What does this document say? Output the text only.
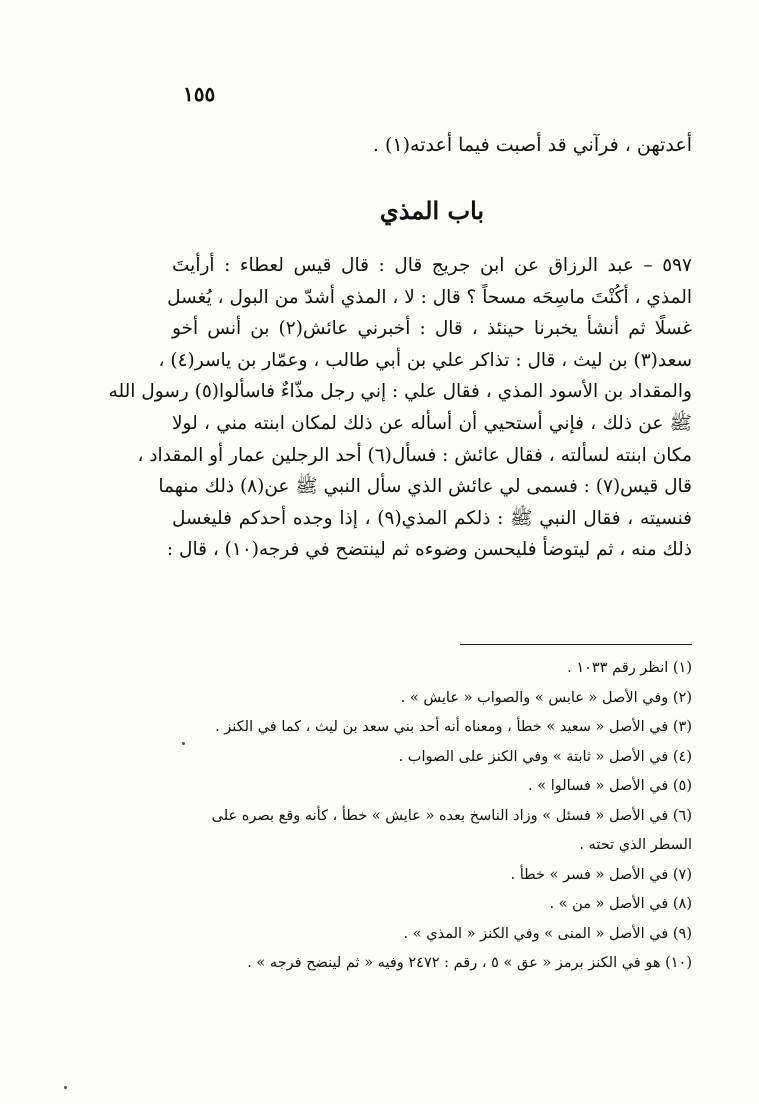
١٥٥
أعدتهن ، فرآني قد أصبت فيما أعدته(١) .
باب المذي
٥٩٧ – عبد الرزاق عن ابن جريج قال : قال قيس لعطاء : أرأيتَ
المذي ، أكُنْتَ ماسِحَه مسحاً ؟ قال : لا ، المذي أشدّ من البول ، يُغسل
غسلًا ثم أنشأ يخبرنا حينئذ ، قال : أخبرني عائش(٢) بن أنس أخو
سعد(٣) بن ليث ، قال : تذاكر علي بن أبي طالب ، وعمّار بن ياسر(٤) ،
والمقداد بن الأسود المذي ، فقال علي : إني رجل مذّاءٌ فاسألوا(٥) رسول الله
ﷺ عن ذلك ، فإني أستحيي أن أسأله عن ذلك لمكان ابنته مني ، لولا
مكان ابنته لسألته ، فقال عائش : فسأل(٦) أحد الرجلين عمار أو المقداد ،
قال قيس(٧) : فسمى لي عائش الذي سأل النبي ﷺ عن(٨) ذلك منهما
فنسيته ، فقال النبي ﷺ : ذلكم المذي(٩) ، إذا وجده أحدكم فليغسل
ذلك منه ، ثم ليتوضأ فليحسن وضوءه ثم لينتضح في فرجه(١٠) ، قال :
(١) انظر رقم ١٠٣٣ .
(٢) وفي الأصل « عابس » والصواب « عايش » .
(٣) في الأصل « سعيد » خطأ ، ومعناه أنه أحد بني سعد بن ليث ، كما في الكنز .
(٤) في الأصل « ثابتة » وفي الكنز على الصواب .
(٥) في الأصل « فسالوا » .
(٦) في الأصل « فسئل » وزاد الناسخ بعده « عايش » خطأ ، كأنه وقع بصره على
السطر الذي تحته .
(٧) في الأصل « فسر » خطأ .
(٨) في الأصل « من » .
(٩) في الأصل « المنى » وفي الكنز « المذي » .
(١٠) هو في الكنز برمز « عق » ٥ ، رقم : ٢٤٧٢ وفيه « ثم لينضح فرجه » .
